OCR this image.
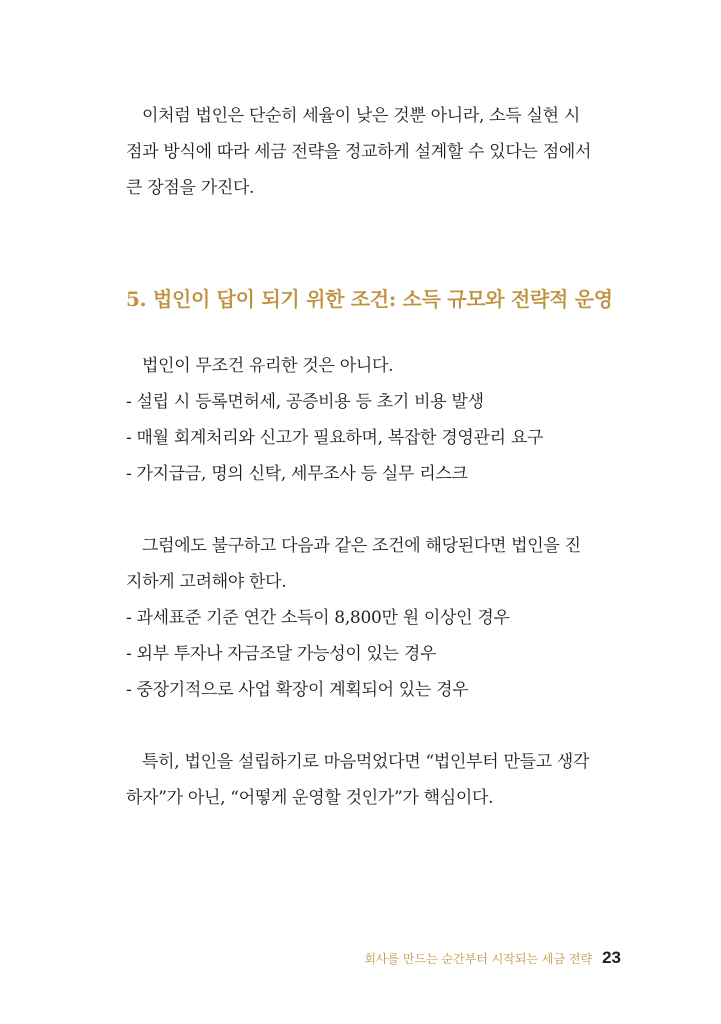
이처럼 법인은 단순히 세율이 낮은 것뿐 아니라, 소득 실현 시점과 방식에 따라 세금 전략을 정교하게 설계할 수 있다는 점에서 큰 장점을 가진다.

5. 법인이 답이 되기 위한 조건: 소득 규모와 전략적 운영

법인이 무조건 유리한 것은 아니다.

- 설립 시 등록면허세, 공증비용 등 초기 비용 발생

- 매월 회계처리와 신고가 필요하며, 복잡한 경영관리 요구

- 가지급금, 명의 신탁, 세무조사 등 실무 리스크

그럼에도 불구하고 다음과 같은 조건에 해당된다면 법인을 진지하게 고려해야 한다.

- 과세표준 기준 연간 소득이 8,800만 원 이상인 경우

- 외부 투자나 자금조달 가능성이 있는 경우

- 중장기적으로 사업 확장이 계획되어 있는 경우

특히, 법인을 설립하기로 마음먹었다면 “법인부터 만들고 생각하자”가 아닌, “어떻게 운영할 것인가”가 핵심이다.

회사를 만드는 순간부터 시작되는 세금 전략 23
